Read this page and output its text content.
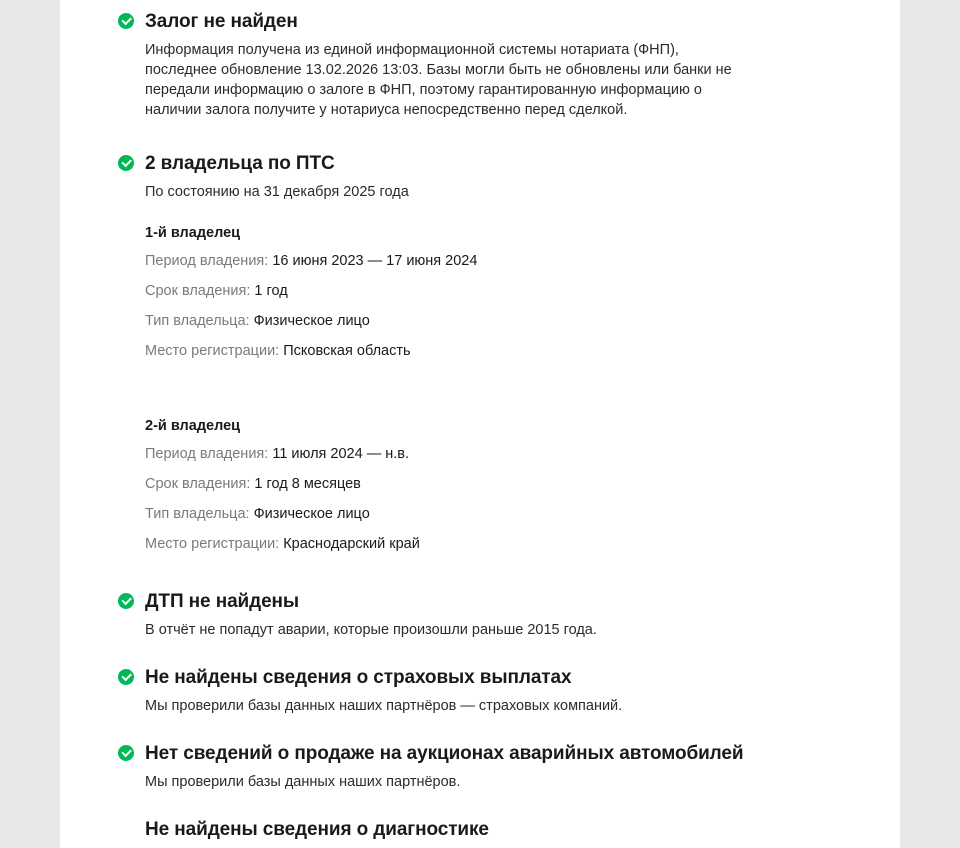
Залог не найден

Информация получена из единой информационной системы нотариата (ФНП), последнее обновление 13.02.2026 13:03. Базы могли быть не обновлены или банки не передали информацию о залоге в ФНП, поэтому гарантированную информацию о наличии залога получите у нотариуса непосредственно перед сделкой.

2 владельца по ПТС

По состоянию на 31 декабря 2025 года

1-й владелец
Период владения: 16 июня 2023 — 17 июня 2024
Срок владения: 1 год
Тип владельца: Физическое лицо
Место регистрации: Псковская область
2-й владелец
Период владения: 11 июля 2024 — н.в.
Срок владения: 1 год 8 месяцев
Тип владельца: Физическое лицо
Место регистрации: Краснодарский край
ДТП не найдены

В отчёт не попадут аварии, которые произошли раньше 2015 года.

Не найдены сведения о страховых выплатах

Мы проверили базы данных наших партнёров — страховых компаний.

Нет сведений о продаже на аукционах аварийных автомобилей

Мы проверили базы данных наших партнёров.

Не найдены сведения о диагностике
